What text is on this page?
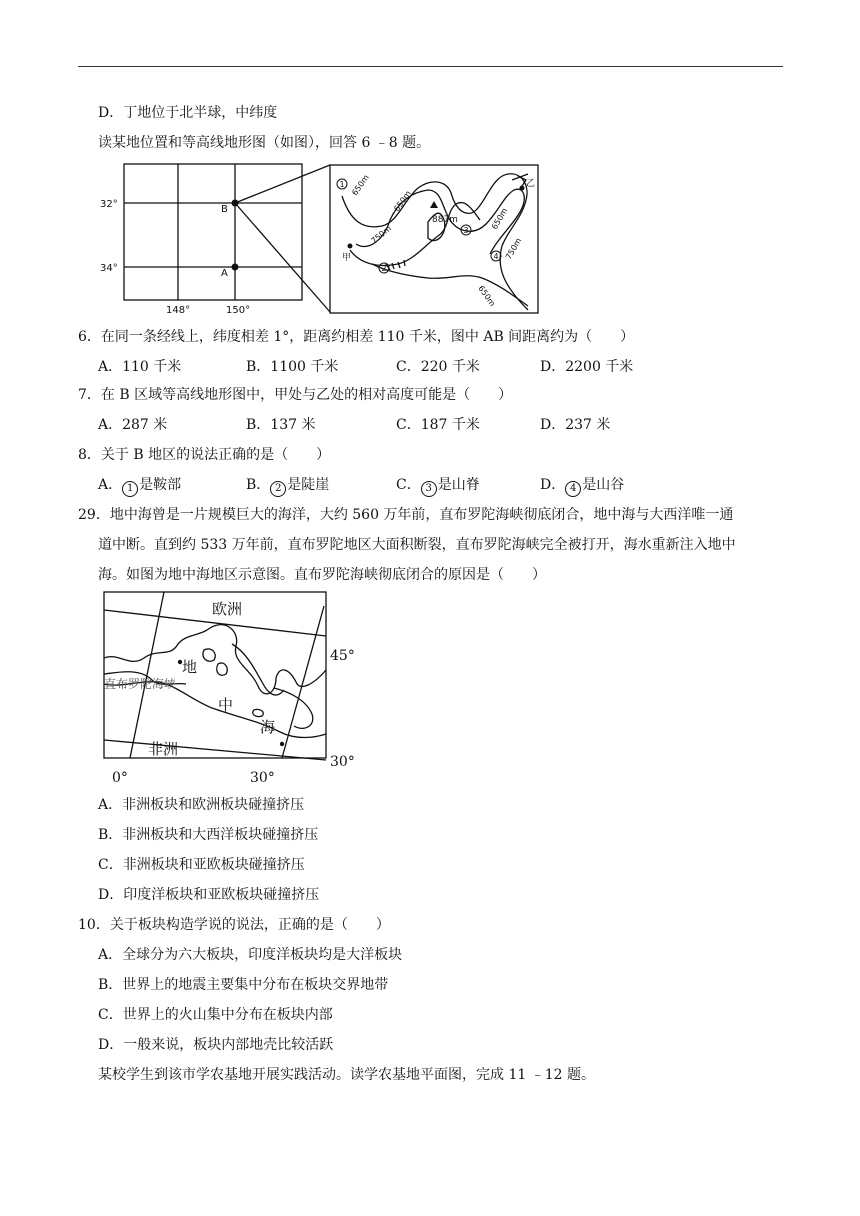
D．丁地位于北半球，中纬度
读某地位置和等高线地形图（如图），回答 6 ﹣8 题。
32°
34°
148°	150°
B
A
887m
甲
乙
650m
650m
750m
650m
750m
650m
1
2
3
4
6．在同一条经线上，纬度相差 1°，距离约相差 110 千米，图中 AB 间距离约为（　　）
A．110 千米	B．1100 千米	C．220 千米	D．2200 千米
7．在 B 区域等高线地形图中，甲处与乙处的相对高度可能是（　　）
A．287 米	B．137 米	C．187 千米	D．237 米
8．关于 B 地区的说法正确的是（　　）
A． 1 是鞍部	B． 2 是陡崖	C． 3 是山脊	D． 4 是山谷
29．地中海曾是一片规模巨大的海洋，大约 560 万年前，直布罗陀海峡彻底闭合，地中海与大西洋唯一通
道中断。直到约 533 万年前，直布罗陀地区大面积断裂，直布罗陀海峡完全被打开，海水重新注入地中
海。如图为地中海地区示意图。直布罗陀海峡彻底闭合的原因是（　　）
欧洲
非洲
地
中
海
直布罗陀海峡
45°
30°
0°	30°
A．非洲板块和欧洲板块碰撞挤压
B．非洲板块和大西洋板块碰撞挤压
C．非洲板块和亚欧板块碰撞挤压
D．印度洋板块和亚欧板块碰撞挤压
10．关于板块构造学说的说法，正确的是（　　）
A．全球分为六大板块，印度洋板块均是大洋板块
B．世界上的地震主要集中分布在板块交界地带
C．世界上的火山集中分布在板块内部
D．一般来说，板块内部地壳比较活跃
某校学生到该市学农基地开展实践活动。读学农基地平面图，完成 11 ﹣12 题。
